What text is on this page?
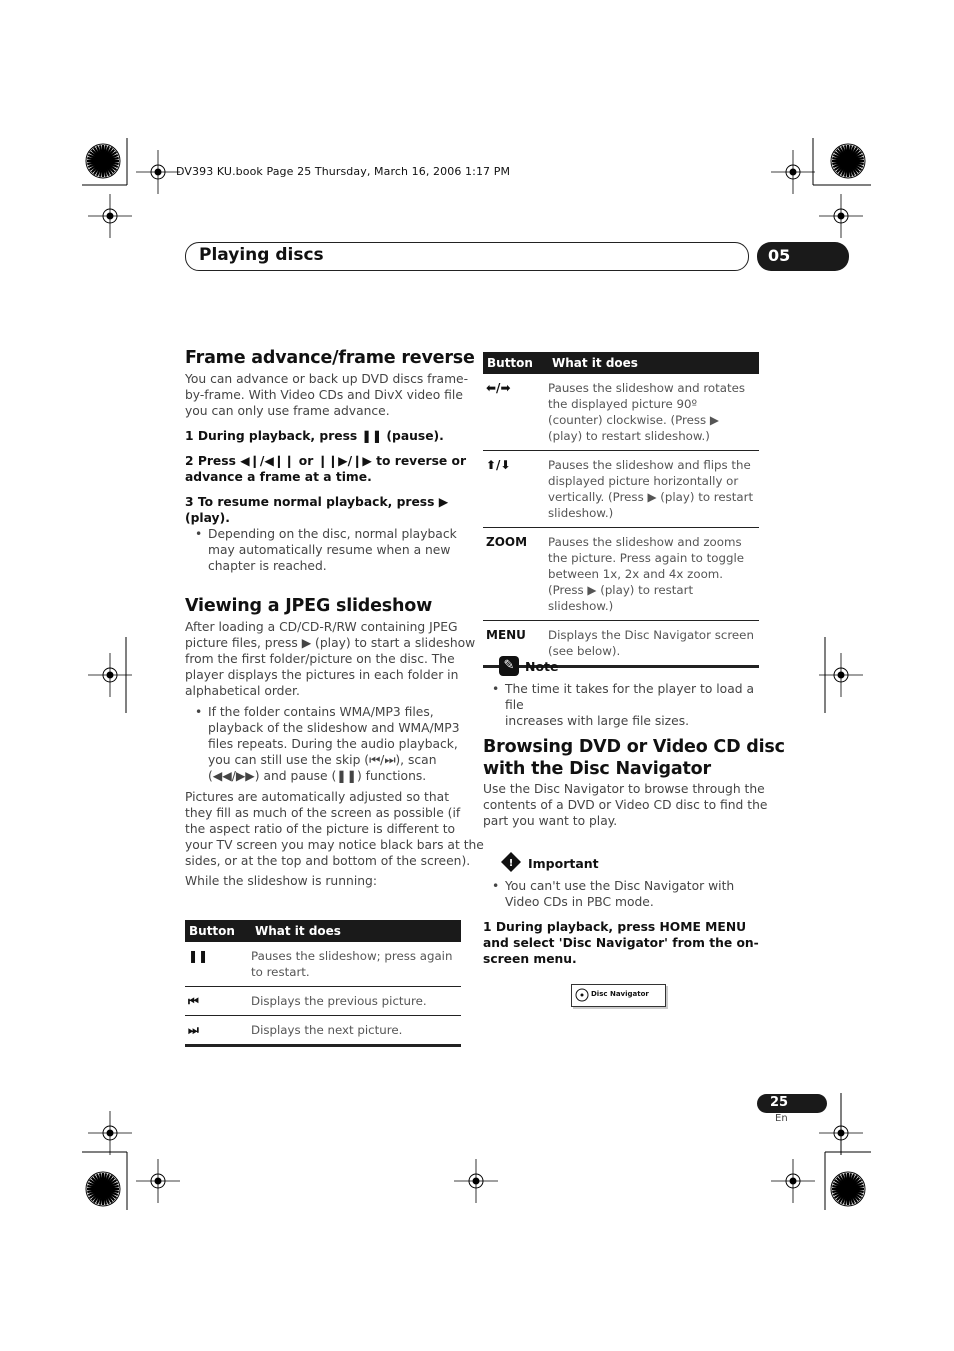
DV393 KU.book Page 25 Thursday, March 16, 2006 1:17 PM
Playing discs	05
Frame advance/frame reverse

You can advance or back up DVD discs frame-
by-frame. With Video CDs and DivX video file
you can only use frame advance.

1 During playback, press ❚❚ (pause).

2 Press ◀❙/◀❙❙ or ❙❙▶/❙▶ to reverse or
advance a frame at a time.

3 To resume normal playback, press ▶
(play).

• Depending on the disc, normal playback
may automatically resume when a new
chapter is reached.
Viewing a JPEG slideshow

After loading a CD/CD-R/RW containing JPEG
picture files, press ▶ (play) to start a slideshow
from the first folder/picture on the disc. The
player displays the pictures in each folder in
alphabetical order.

• If the folder contains WMA/MP3 files,
playback of the slideshow and WMA/MP3
files repeats. During the audio playback,
you can still use the skip (⏮/⏭), scan
(◀◀/▶▶) and pause (❚❚) functions.

Pictures are automatically adjusted so that
they fill as much of the screen as possible (if
the aspect ratio of the picture is different to
your TV screen you may notice black bars at the
sides, or at the top and bottom of the screen).

While the slideshow is running:

Button	What it does
❚❚	Pauses the slideshow; press again to restart.
⏮	Displays the previous picture.
⏭	Displays the next picture.
Button	What it does
⬅/➡	Pauses the slideshow and rotates the displayed picture 90º (counter) clockwise. (Press ▶ (play) to restart slideshow.)
⬆/⬇	Pauses the slideshow and flips the displayed picture horizontally or vertically. (Press ▶ (play) to restart slideshow.)
ZOOM	Pauses the slideshow and zooms the picture. Press again to toggle between 1x, 2x and 4x zoom. (Press ▶ (play) to restart slideshow.)
MENU	Displays the Disc Navigator screen (see below).
✎ Note
• The time it takes for the player to load a file
increases with large file sizes.
Browsing DVD or Video CD disc
with the Disc Navigator

Use the Disc Navigator to browse through the
contents of a DVD or Video CD disc to find the
part you want to play.

! Important
• You can't use the Disc Navigator with
Video CDs in PBC mode.

1 During playback, press HOME MENU
and select 'Disc Navigator' from the on-
screen menu.

Disc Navigator
25
En
